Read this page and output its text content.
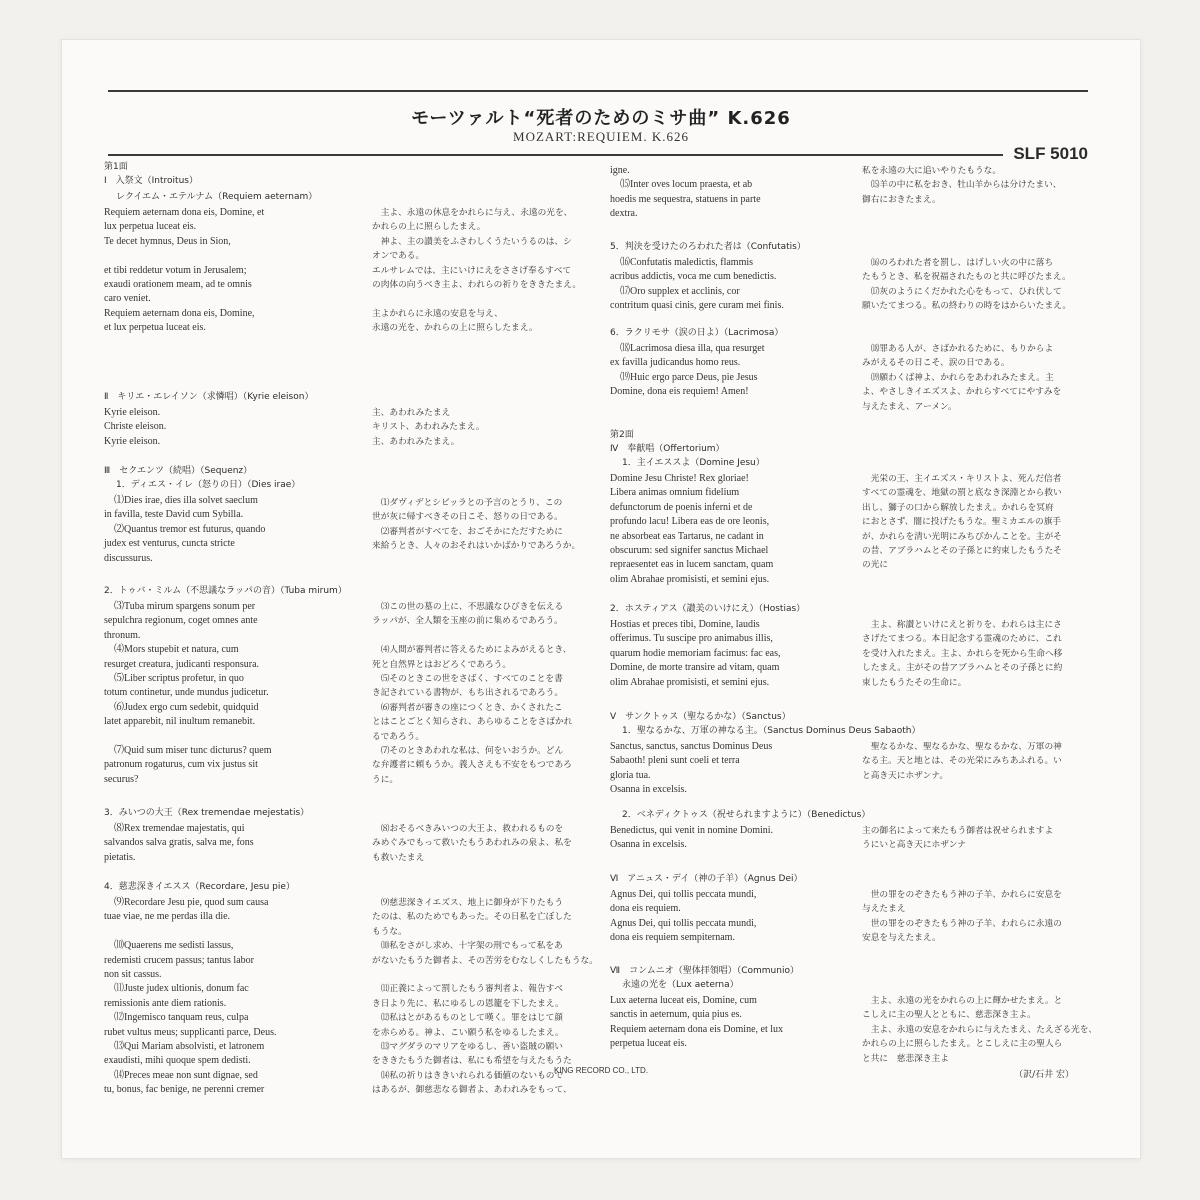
モーツァルト“死者のためのミサ曲” K.626
MOZART:REQUIEM. K.626
SLF 5010

第1面

Ⅰ　入祭文（Introitus）

レクイエム・エテルナム（Requiem aeternam）

Requiem aeternam dona eis, Domine, et
lux perpetua luceat eis.
Te decet hymnus, Deus in Sion,

et tibi reddetur votum in Jerusalem;
exaudi orationem meam, ad te omnis
caro veniet.
Requiem aeternam dona eis, Domine,
et lux perpetua luceat eis.

Ⅱ　キリエ・エレイソン（求憐唱）（Kyrie eleison）

Kyrie eleison.
Christe eleison.
Kyrie eleison.

Ⅲ　セクエンツ（続唱）（Sequenz）

1．ディエス・イレ（怒りの日）（Dies irae）

　⑴Dies irae, dies illa solvet saeclum
in favilla, teste David cum Sybilla.
　⑵Quantus tremor est futurus, quando
judex est venturus, cuncta stricte
discussurus.

2．トゥバ・ミルム（不思議なラッパの音）（Tuba mirum）

　⑶Tuba mirum spargens sonum per
sepulchra regionum, coget omnes ante
thronum.
　⑷Mors stupebit et natura, cum
resurget creatura, judicanti responsura.
　⑸Liber scriptus profetur, in quo
totum continetur, unde mundus judicetur.
　⑹Judex ergo cum sedebit, quidquid
latet apparebit, nil inultum remanebit.

　⑺Quid sum miser tunc dicturus? quem
patronum rogaturus, cum vix justus sit
securus?

3．みいつの大王（Rex tremendae mejestatis）

　⑻Rex tremendae majestatis, qui
salvandos salva gratis, salva me, fons
pietatis.

4．慈悲深きイエスス（Recordare, Jesu pie）

　⑼Recordare Jesu pie, quod sum causa
tuae viae, ne me perdas illa die.

　⑽Quaerens me sedisti lassus,
redemisti crucem passus; tantus labor
non sit cassus.
　⑾Juste judex ultionis, donum fac
remissionis ante diem rationis.
　⑿Ingemisco tanquam reus, culpa
rubet vultus meus; supplicanti parce, Deus.
　⒀Qui Mariam absolvisti, et latronem
exaudisti, mihi quoque spem dedisti.
　⒁Preces meae non sunt dignae, sed
tu, bonus, fac benige, ne perenni cremer

　主よ、永遠の休息をかれらに与え、永遠の光を、
かれらの上に照らしたまえ。
　神よ、主の讃美をふさわしくうたいうるのは、シ
オンである。
エルサレムでは、主にいけにえをささげ奉るすべて
の肉体の向うべき主よ、われらの祈りをききたまえ。

主よかれらに永遠の安息を与え、
永遠の光を、かれらの上に照らしたまえ。

主、あわれみたまえ
キリスト、あわれみたまえ。
主、あわれみたまえ。

　⑴ダヴィデとシビッラとの予言のとうり、この
世が灰に帰すべきその日こそ、怒りの日である。
　⑵審判者がすべてを、おごそかにただすために
来給うとき、人々のおそれはいかばかりであろうか。

　⑶この世の墓の上に、不思議なひびきを伝える
ラッパが、全人類を玉座の前に集めるであろう。

　⑷人間が審判者に答えるためによみがえるとき、
死と自然界とはおどろくであろう。
　⑸そのときこの世をさばく、すべてのことを書
き記されている書物が、もち出されるであろう。
　⑹審判者が審きの座につくとき、かくされたこ
とはことごとく知らされ、あらゆることをさばかれ
るであろう。
　⑺そのときあわれな私は、何をいおうか。どん
な弁護者に頼もうか。義人さえも不安をもつであろ
うに。

　⑻おそるべきみいつの大王よ、救われるものを
みめぐみでもって救いたもうあわれみの泉よ、私を
も救いたまえ

　⑼慈悲深きイエズス、地上に御身が下りたもう
たのは、私のためでもあった。その日私を亡ぼした
もうな。
　⑽私をさがし求め、十字架の刑でもって私をあ
がないたもうた御者よ、その苦労をむなしくしたもうな。

　⑾正義によって罰したもう審判者よ、報告すべ
き日より先に、私にゆるしの恩籠を下したまえ。
　⑿私はとがあるものとして嘆く。罪をはじて顔
を赤らめる。神よ、こい願う私をゆるしたまえ。
　⒀マグダラのマリアをゆるし、善い盗賊の願い
をききたもうた御者は、私にも希望を与えたもうた
　⒁私の祈りはききいれられる価値のないもので
はあるが、御慈悲なる御者よ、あわれみをもって、

igne.
　⒂Inter oves locum praesta, et ab
hoedis me sequestra, statuens in parte
dextra.

5．判決を受けたのろわれた者は（Confutatis）

　⒃Confutatis maledictis, flammis
acribus addictis, voca me cum benedictis.
　⒄Oro supplex et acclinis, cor
contritum quasi cinis, gere curam mei finis.

6．ラクリモサ（涙の日よ）（Lacrimosa）

　⒅Lacrimosa diesa illa, qua resurget
ex favilla judicandus homo reus.
　⒆Huic ergo parce Deus, pie Jesus
Domine, dona eis requiem! Amen!

第2面

Ⅳ　奉献唱（Offertorium）

1．主イエススよ（Domine Jesu）

Domine Jesu Christe! Rex gloriae!
Libera animas omnium fidelium
defunctorum de poenis inferni et de
profundo lacu! Libera eas de ore leonis,
ne absorbeat eas Tartarus, ne cadant in
obscurum: sed signifer sanctus Michael
repraesentet eas in lucem sanctam, quam
olim Abrahae promisisti, et semini ejus.

2．ホスティアス（讃美のいけにえ）（Hostias）

Hostias et preces tibi, Domine, laudis
offerimus. Tu suscipe pro animabus illis,
quarum hodie memoriam facimus: fac eas,
Domine, de morte transire ad vitam, quam
olim Abrahae promisisti, et semini ejus.

Ⅴ　サンクトゥス（聖なるかな）（Sanctus）

1．聖なるかな、万軍の神なる主。（Sanctus Dominus Deus Sabaoth）

Sanctus, sanctus, sanctus Dominus Deus
Sabaoth! pleni sunt coeli et terra
gloria tua.
Osanna in excelsis.

2．ベネディクトゥス（祝せられますように）（Benedictus）

Benedictus, qui venit in nomine Domini.
Osanna in excelsis.

Ⅵ　アニュス・デイ（神の子羊）（Agnus Dei）

Agnus Dei, qui tollis peccata mundi,
dona eis requiem.
Agnus Dei, qui tollis peccata mundi,
dona eis requiem sempiternam.

Ⅶ　コンムニオ（聖体拝領唱）（Communio）

永遠の光を（Lux aeterna）

Lux aeterna luceat eis, Domine, cum
sanctis in aeternum, quia pius es.
Requiem aeternam dona eis Domine, et lux
perpetua luceat eis.

私を永遠の大に追いやりたもうな。
　⒂羊の中に私をおき、牡山羊からは分けたまい、
御右におきたまえ。

　⒃のろわれた者を罰し、はげしい火の中に落ち
たもうとき、私を祝福されたものと共に呼びたまえ。
　⒄灰のようにくだかれた心をもって、ひれ伏して
願いたてまつる。私の終わりの時をはからいたまえ。

　⒅罪ある人が、さばかれるために、もりからよ
みがえるその日こそ、涙の日である。
　⒆願わくば神よ、かれらをあわれみたまえ。主
よ、やさしきイエズスよ、かれらすべてにやすみを
与えたまえ、アーメン。

　光栄の王、主イエズス・キリストよ、死んだ信者
すべての霊魂を、地獄の罰と底なき深淵とから救い
出し、獅子の口から解放したまえ。かれらを冥府
におとさず、闇に投げたもうな。聖ミカエルの旗手
が、かれらを清い光明にみちびかんことを。主がそ
の昔、アブラハムとその子孫とに約束したもうたそ
の光に

　主よ、称讃といけにえと祈りを、われらは主にさ
さげたてまつる。本日記念する霊魂のために、これ
を受け入れたまえ。主よ、かれらを死から生命へ移
したまえ。主がその昔アブラハムとその子孫とに約
束したもうたその生命に。

　聖なるかな、聖なるかな、聖なるかな、万軍の神
なる主。天と地とは、その光栄にみちあふれる。い
と高き天にホザンナ。

主の御名によって来たもう御者は祝せられますよ
うにいと高き天にホザンナ

　世の罪をのぞきたもう神の子羊、かれらに安息を
与えたまえ
　世の罪をのぞきたもう神の子羊、われらに永遠の
安息を与えたまえ。

　主よ、永遠の光をかれらの上に輝かせたまえ。と
こしえに主の聖人とともに、慈悲深き主よ。
　主よ、永遠の安息をかれらに与えたまえ、たえざる光を、
かれらの上に照らしたまえ。とこしえに主の聖人ら
と共に　慈悲深き主よ

KING RECORD CO., LTD.	（訳/石井 宏）
